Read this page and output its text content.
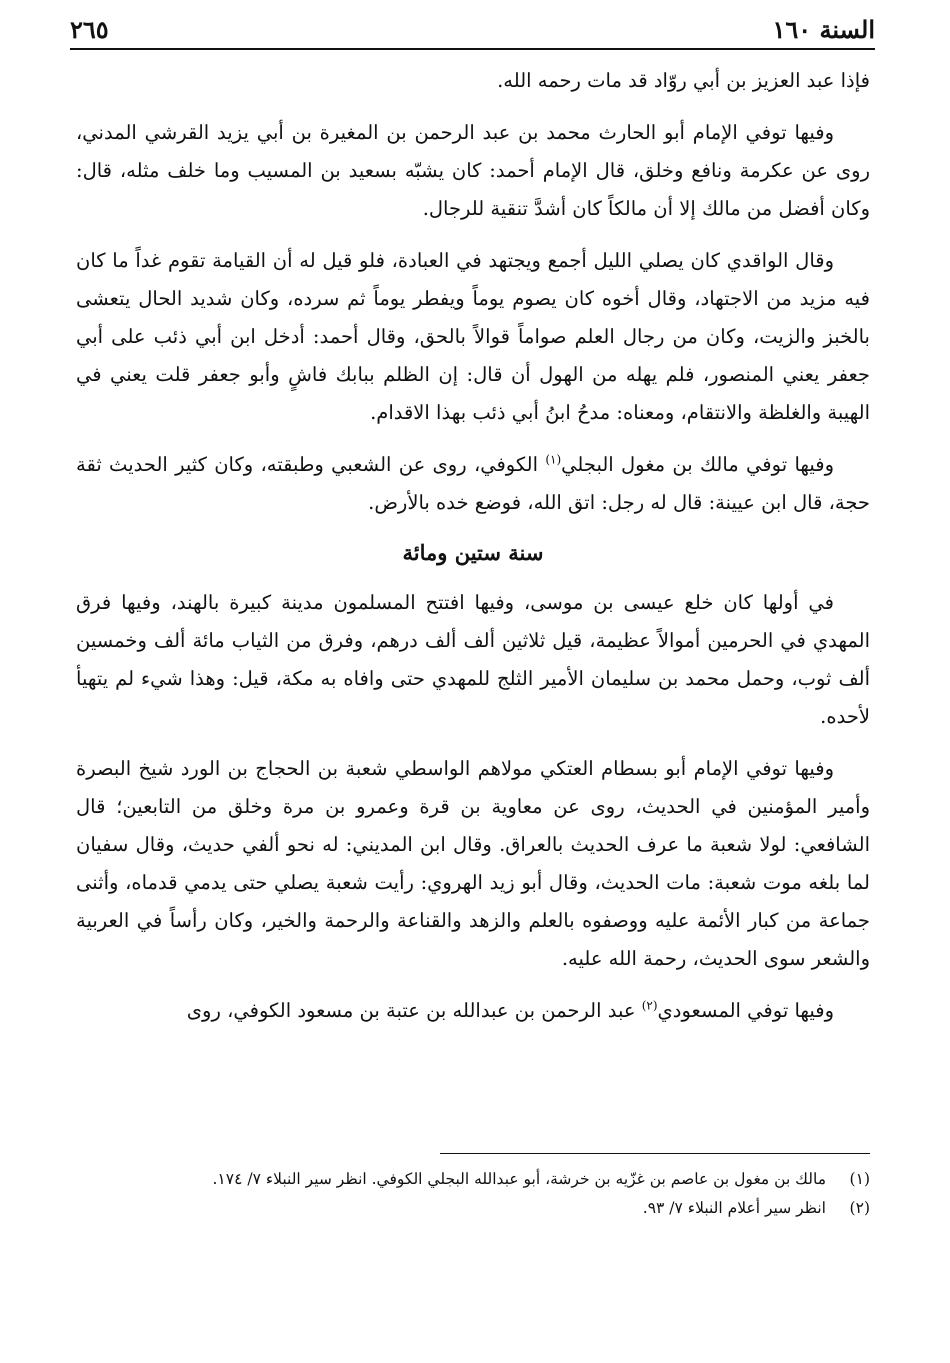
السنة ١٦٠
٢٦٥

فإذا عبد العزيز بن أبي روّاد قد مات رحمه الله.

وفيها توفي الإمام أبو الحارث محمد بن عبد الرحمن بن المغيرة بن أبي يزيد القرشي المدني، روى عن عكرمة ونافع وخلق، قال الإمام أحمد: كان يشبّه بسعيد بن المسيب وما خلف مثله، قال: وكان أفضل من مالك إلا أن مالكاً كان أشدَّ تنقية للرجال.

وقال الواقدي كان يصلي الليل أجمع ويجتهد في العبادة، فلو قيل له أن القيامة تقوم غداً ما كان فيه مزيد من الاجتهاد، وقال أخوه كان يصوم يوماً ويفطر يوماً ثم سرده، وكان شديد الحال يتعشى بالخبز والزيت، وكان من رجال العلم صواماً قوالاً بالحق، وقال أحمد: أدخل ابن أبي ذئب على أبي جعفر يعني المنصور، فلم يهله من الهول أن قال: إن الظلم ببابك فاشٍ وأبو جعفر قلت يعني في الهيبة والغلظة والانتقام، ومعناه: مدحُ ابنُ أبي ذئب بهذا الاقدام.

وفيها توفي مالك بن مغول البجلي$^{(١)}$ الكوفي، روى عن الشعبي وطبقته، وكان كثير الحديث ثقة حجة، قال ابن عيينة: قال له رجل: اتق الله، فوضع خده بالأرض.

سنة ستين ومائة

في أولها كان خلع عيسى بن موسى، وفيها افتتح المسلمون مدينة كبيرة بالهند، وفيها فرق المهدي في الحرمين أموالاً عظيمة، قيل ثلاثين ألف ألف درهم، وفرق من الثياب مائة ألف وخمسين ألف ثوب، وحمل محمد بن سليمان الأمير الثلج للمهدي حتى وافاه به مكة، قيل: وهذا شيء لم يتهيأ لأحده.

وفيها توفي الإمام أبو بسطام العتكي مولاهم الواسطي شعبة بن الحجاج بن الورد شيخ البصرة وأمير المؤمنين في الحديث، روى عن معاوية بن قرة وعمرو بن مرة وخلق من التابعين؛ قال الشافعي: لولا شعبة ما عرف الحديث بالعراق. وقال ابن المديني: له نحو ألفي حديث، وقال سفيان لما بلغه موت شعبة: مات الحديث، وقال أبو زيد الهروي: رأيت شعبة يصلي حتى يدمي قدماه، وأثنى جماعة من كبار الأئمة عليه ووصفوه بالعلم والزهد والقناعة والرحمة والخير، وكان رأساً في العربية والشعر سوى الحديث، رحمة الله عليه.

وفيها توفي المسعودي$^{(٢)}$ عبد الرحمن بن عبدالله بن عتبة بن مسعود الكوفي، روى

(١)
مالك بن مغول بن عاصم بن غزّيه بن خرشة، أبو عبدالله البجلي الكوفي. انظر سير النبلاء ٧/ ١٧٤.
(٢)
انظر سير أعلام النبلاء ٧/ ٩٣.
